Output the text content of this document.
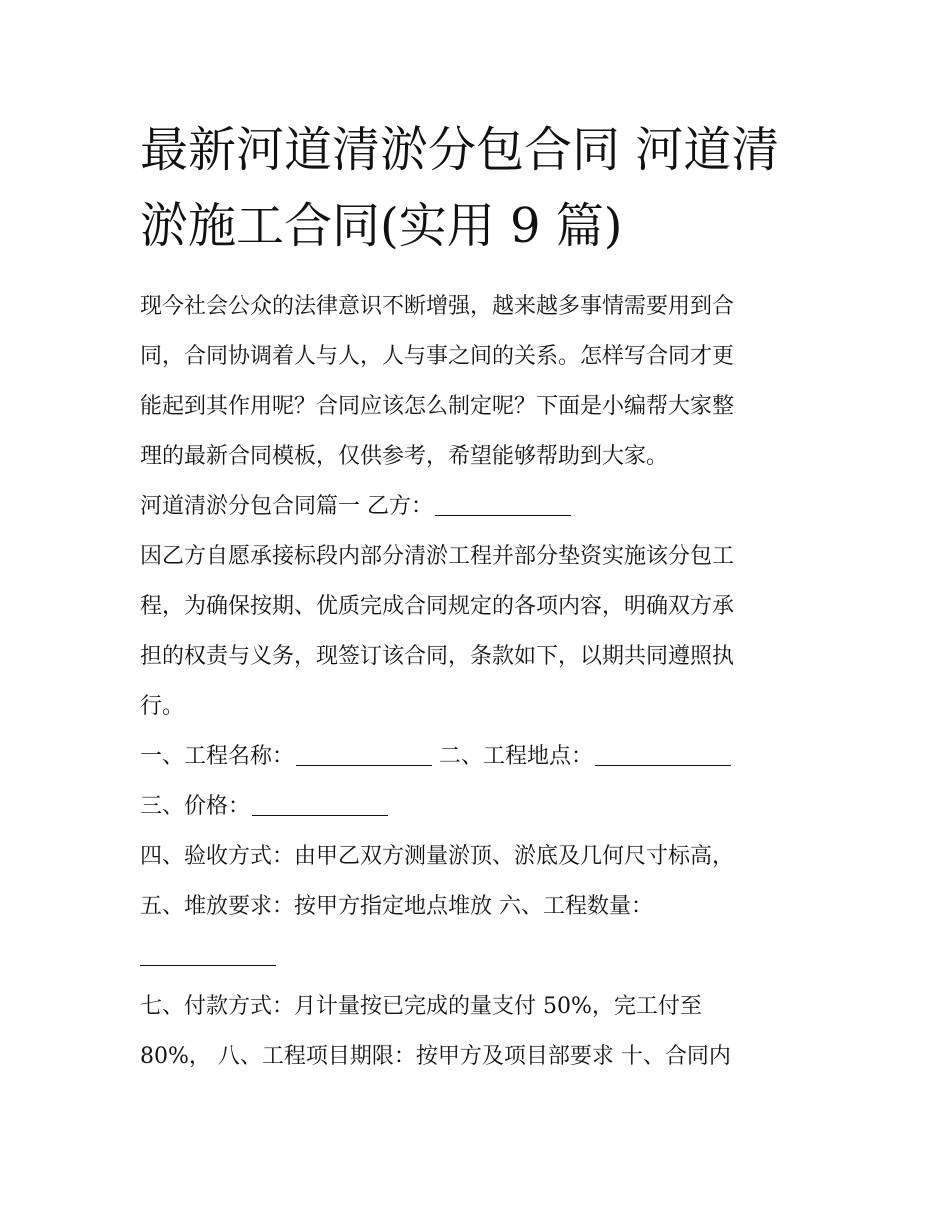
最新河道清淤分包合同 河道清
淤施工合同(实用 9 篇)
现今社会公众的法律意识不断增强，越来越多事情需要用到合
同，合同协调着人与人，人与事之间的关系。怎样写合同才更
能起到其作用呢？合同应该怎么制定呢？下面是小编帮大家整
理的最新合同模板，仅供参考，希望能够帮助到大家。
河道清淤分包合同篇一 乙方：
因乙方自愿承接标段内部分清淤工程并部分垫资实施该分包工
程，为确保按期、优质完成合同规定的各项内容，明确双方承
担的权责与义务，现签订该合同，条款如下，以期共同遵照执
行。
一、工程名称：	二、工程地点：
三、价格：
四、验收方式：由甲乙双方测量淤顶、淤底及几何尺寸标高，
五、堆放要求：按甲方指定地点堆放 六、工程数量：
七、付款方式：月计量按已完成的量支付 50%，完工付至
80%， 八、工程项目期限：按甲方及项目部要求 十、合同内
